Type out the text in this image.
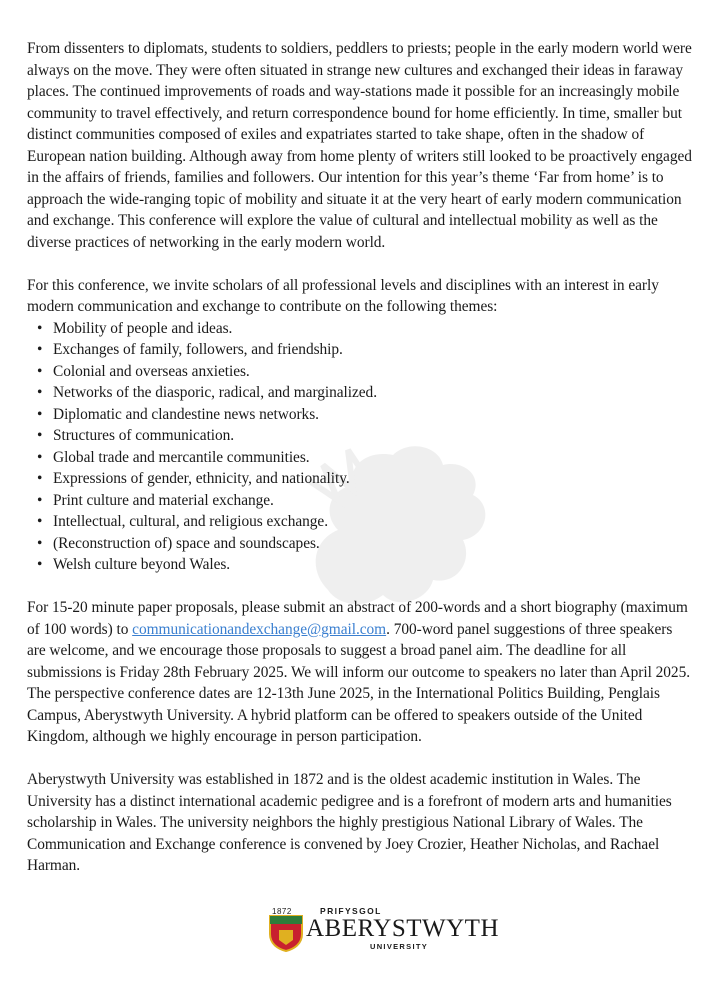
From dissenters to diplomats, students to soldiers, peddlers to priests; people in the early modern world were always on the move. They were often situated in strange new cultures and exchanged their ideas in faraway places. The continued improvements of roads and way-stations made it possible for an increasingly mobile community to travel effectively, and return correspondence bound for home efficiently. In time, smaller but distinct communities composed of exiles and expatriates started to take shape, often in the shadow of European nation building. Although away from home plenty of writers still looked to be proactively engaged in the affairs of friends, families and followers. Our intention for this year’s theme ‘Far from home’ is to approach the wide-ranging topic of mobility and situate it at the very heart of early modern communication and exchange. This conference will explore the value of cultural and intellectual mobility as well as the diverse practices of networking in the early modern world.

For this conference, we invite scholars of all professional levels and disciplines with an interest in early modern communication and exchange to contribute on the following themes:

• Mobility of people and ideas.
• Exchanges of family, followers, and friendship.
• Colonial and overseas anxieties.
• Networks of the diasporic, radical, and marginalized.
• Diplomatic and clandestine news networks.
• Structures of communication.
• Global trade and mercantile communities.
• Expressions of gender, ethnicity, and nationality.
• Print culture and material exchange.
• Intellectual, cultural, and religious exchange.
• (Reconstruction of) space and soundscapes.
• Welsh culture beyond Wales.

For 15-20 minute paper proposals, please submit an abstract of 200-words and a short biography (maximum of 100 words) to communicationandexchange@gmail.com. 700-word panel suggestions of three speakers are welcome, and we encourage those proposals to suggest a broad panel aim. The deadline for all submissions is Friday 28th February 2025. We will inform our outcome to speakers no later than April 2025. The perspective conference dates are 12-13th June 2025, in the International Politics Building, Penglais Campus, Aberystwyth University. A hybrid platform can be offered to speakers outside of the United Kingdom, although we highly encourage in person participation.

Aberystwyth University was established in 1872 and is the oldest academic institution in Wales. The University has a distinct international academic pedigree and is a forefront of modern arts and humanities scholarship in Wales. The university neighbors the highly prestigious National Library of Wales. The Communication and Exchange conference is convened by Joey Crozier, Heather Nicholas, and Rachael Harman.

1872	PRIFYSGOL
ABERYSTWYTH
UNIVERSITY
